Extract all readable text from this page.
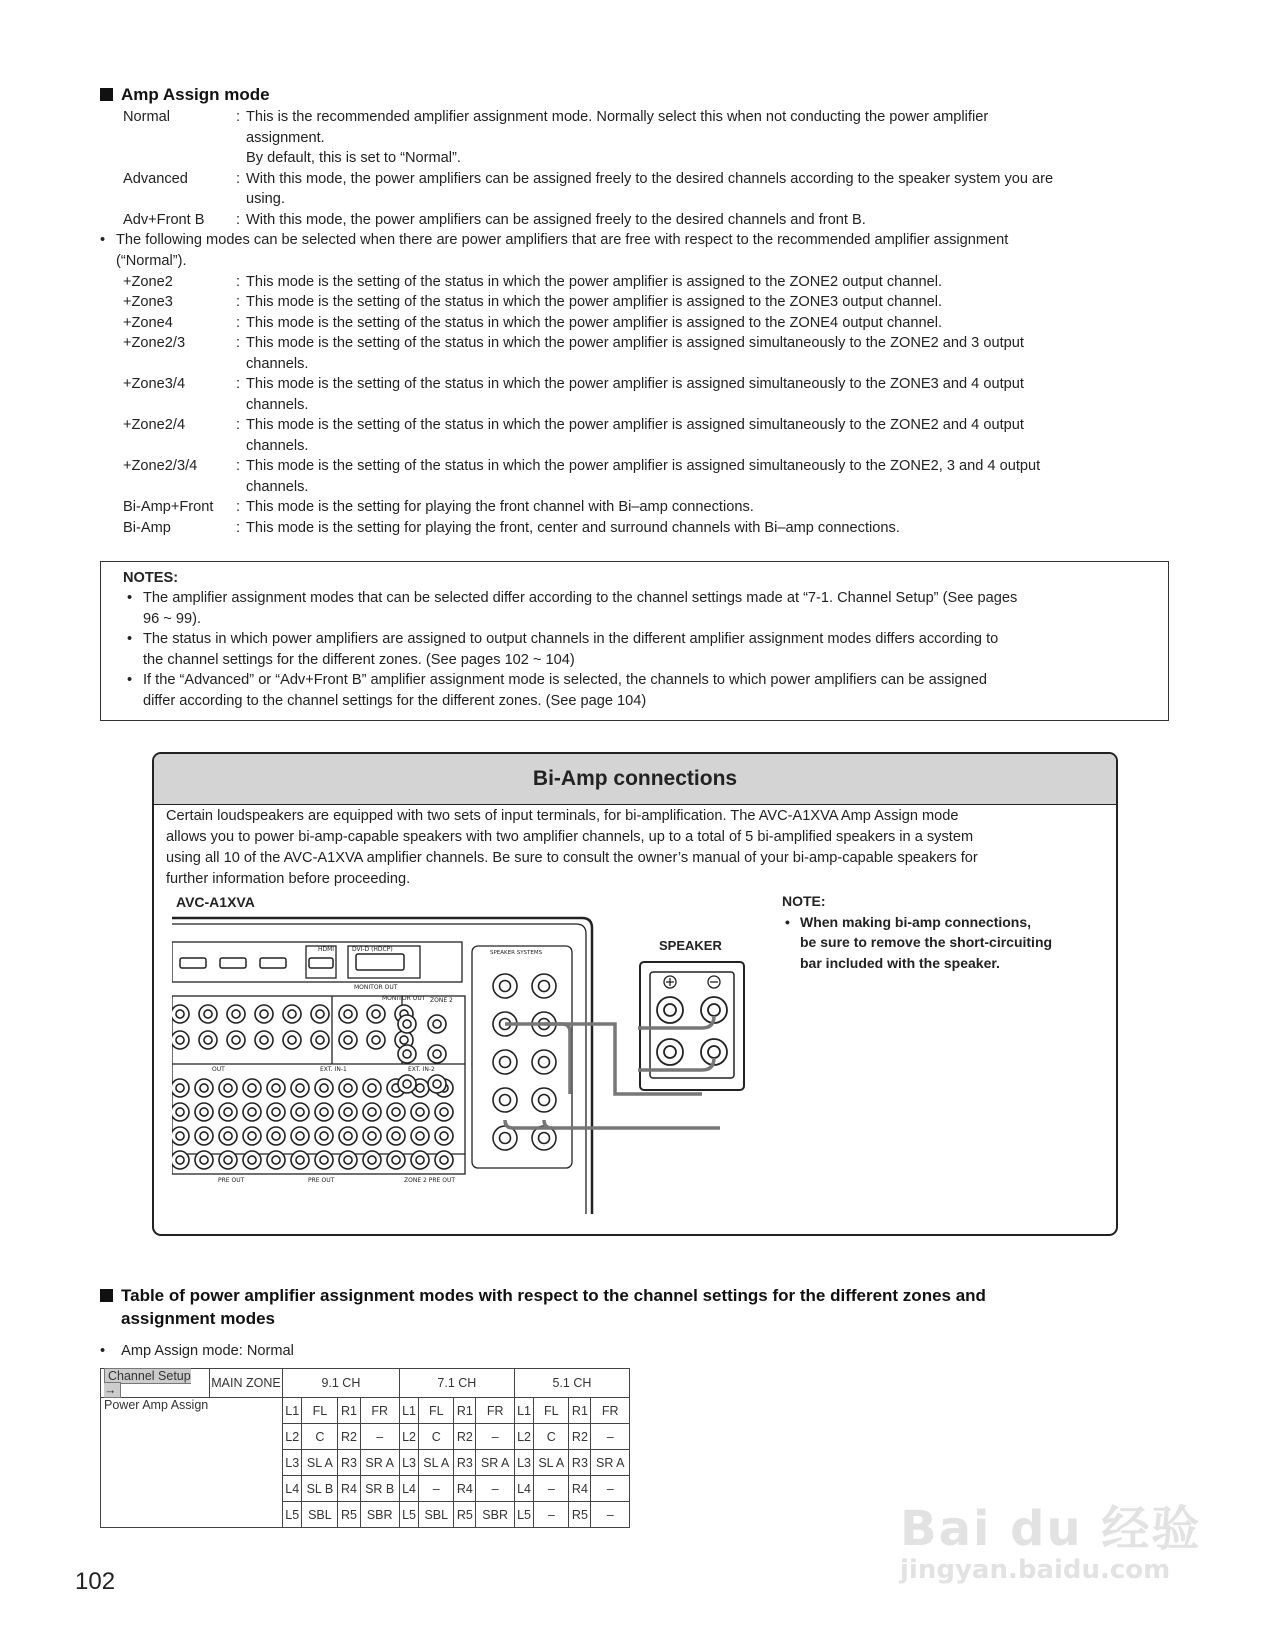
Amp Assign mode
Normal	: This is the recommended amplifier assignment mode. Normally select this when not conducting the power amplifier
assignment.
By default, this is set to “Normal”.
Advanced	: With this mode, the power amplifiers can be assigned freely to the desired channels according to the speaker system you are
using.
Adv+Front B : With this mode, the power amplifiers can be assigned freely to the desired channels and front B.
• The following modes can be selected when there are power amplifiers that are free with respect to the recommended amplifier assignment
(“Normal”).
+Zone2	: This mode is the setting of the status in which the power amplifier is assigned to the ZONE2 output channel.
+Zone3	: This mode is the setting of the status in which the power amplifier is assigned to the ZONE3 output channel.
+Zone4	: This mode is the setting of the status in which the power amplifier is assigned to the ZONE4 output channel.
+Zone2/3	: This mode is the setting of the status in which the power amplifier is assigned simultaneously to the ZONE2 and 3 output
channels.
+Zone3/4	: This mode is the setting of the status in which the power amplifier is assigned simultaneously to the ZONE3 and 4 output
channels.
+Zone2/4	: This mode is the setting of the status in which the power amplifier is assigned simultaneously to the ZONE2 and 4 output
channels.
+Zone2/3/4	: This mode is the setting of the status in which the power amplifier is assigned simultaneously to the ZONE2, 3 and 4 output
channels.
Bi-Amp+Front : This mode is the setting for playing the front channel with Bi–amp connections.
Bi-Amp	: This mode is the setting for playing the front, center and surround channels with Bi–amp connections.
NOTES:
• The amplifier assignment modes that can be selected differ according to the channel settings made at “7-1. Channel Setup” (See pages
96 ~ 99).
• The status in which power amplifiers are assigned to output channels in the different amplifier assignment modes differs according to
the channel settings for the different zones. (See pages 102 ~ 104)
• If the “Advanced” or “Adv+Front B” amplifier assignment mode is selected, the channels to which power amplifiers can be assigned
differ according to the channel settings for the different zones. (See page 104)
Bi-Amp connections
Certain loudspeakers are equipped with two sets of input terminals, for bi-amplification. The AVC-A1XVA Amp Assign mode
allows you to power bi-amp-capable speakers with two amplifier channels, up to a total of 5 bi-amplified speakers in a system
using all 10 of the AVC-A1XVA amplifier channels. Be sure to consult the owner’s manual of your bi-amp-capable speakers for
further information before proceeding.
AVC-A1XVA
HDMI	DVI-D (HDCP)
MONITOR OUT
MONITOR OUT ZONE 2
SPEAKER SYSTEMS
OUT	EXT. IN-1	EXT. IN-2
PRE OUT	PRE OUT	ZONE 2 PRE OUT
SPEAKER
NOTE:
• When making bi-amp connections,
be sure to remove the short-circuiting
bar included with the speaker.
Table of power amplifier assignment modes with respect to the channel settings for the different zones and
assignment modes
• Amp Assign mode: Normal
Channel Setup →	MAIN ZONE	9.1 CH				7.1 CH				5.1 CH			
Power Amp Assign		L1	FL	R1	FR	L1	FL	R1	FR	L1	FL	R1	FR
		L2	C	R2	–	L2	C	R2	–	L2	C	R2	–
		L3	SL A	R3	SR A	L3	SL A	R3	SR A	L3	SL A	R3	SR A
		L4	SL B	R4	SR B	L4	–	R4	–	L4	–	R4	–
		L5	SBL	R5	SBR	L5	SBL	R5	SBR	L5	–	R5	–
102
Bai du 经验
jingyan.baidu.com
